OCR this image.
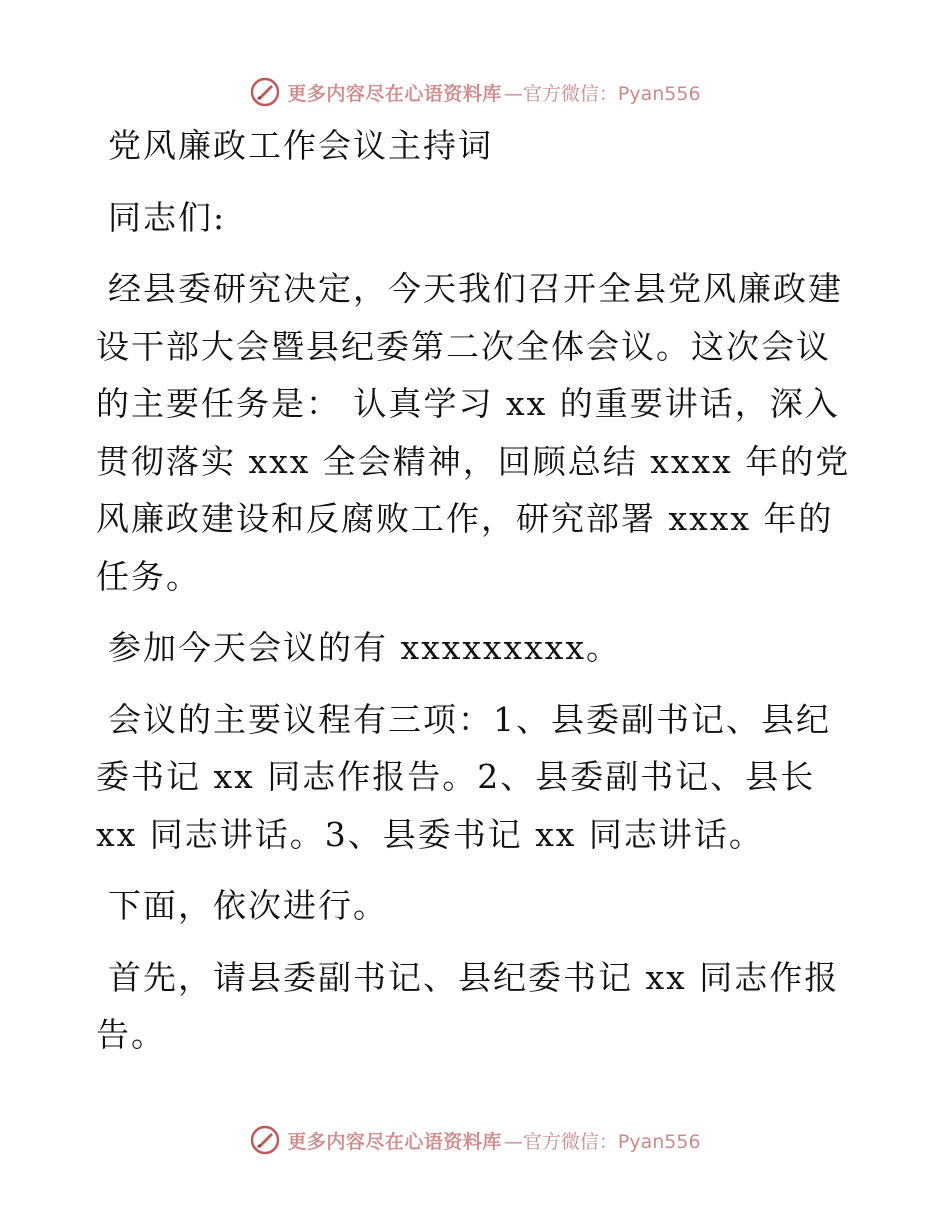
更多内容尽在心语资料库 —官方微信：Pyan556
党风廉政工作会议主持词
同志们:
经县委研究决定，今天我们召开全县党风廉政建设干部大会暨县纪委第二次全体会议。这次会议的主要任务是： 认真学习 xx 的重要讲话，深入贯彻落实 xxx 全会精神，回顾总结 xxxx 年的党风廉政建设和反腐败工作，研究部署 xxxx 年的任务。
参加今天会议的有 xxxxxxxxx。
会议的主要议程有三项：1、县委副书记、县纪委书记 xx 同志作报告。2、县委副书记、县长 xx 同志讲话。3、县委书记 xx 同志讲话。
下面，依次进行。
首先，请县委副书记、县纪委书记 xx 同志作报告。
更多内容尽在心语资料库 —官方微信：Pyan556
